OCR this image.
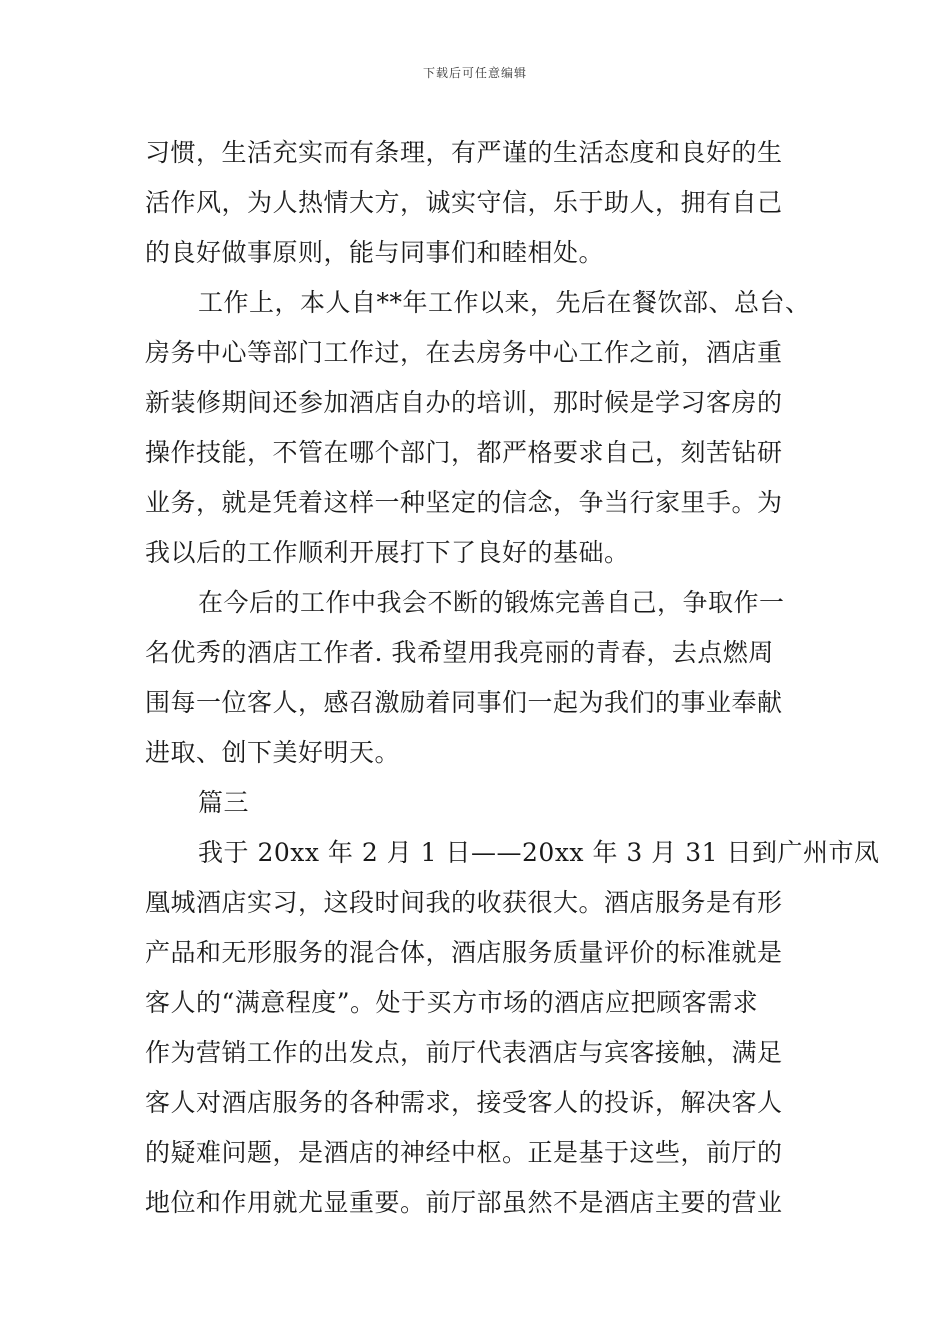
下载后可任意编辑
习惯，生活充实而有条理，有严谨的生活态度和良好的生
活作风，为人热情大方，诚实守信，乐于助人，拥有自己
的良好做事原则，能与同事们和睦相处。
工作上，本人自**年工作以来，先后在餐饮部、总台、
房务中心等部门工作过，在去房务中心工作之前，酒店重
新装修期间还参加酒店自办的培训，那时候是学习客房的
操作技能，不管在哪个部门，都严格要求自己，刻苦钻研
业务，就是凭着这样一种坚定的信念，争当行家里手。为
我以后的工作顺利开展打下了良好的基础。
在今后的工作中我会不断的锻炼完善自己，争取作一
名优秀的酒店工作者. 我希望用我亮丽的青春，去点燃周
围每一位客人，感召激励着同事们一起为我们的事业奉献
进取、创下美好明天。
篇三
我于 20xx 年 2 月 1 日——20xx 年 3 月 31 日到广州市凤
凰城酒店实习，这段时间我的收获很大。酒店服务是有形
产品和无形服务的混合体，酒店服务质量评价的标准就是
客人的“满意程度”。处于买方市场的酒店应把顾客需求
作为营销工作的出发点，前厅代表酒店与宾客接触，满足
客人对酒店服务的各种需求，接受客人的投诉，解决客人
的疑难问题，是酒店的神经中枢。正是基于这些，前厅的
地位和作用就尤显重要。前厅部虽然不是酒店主要的营业
